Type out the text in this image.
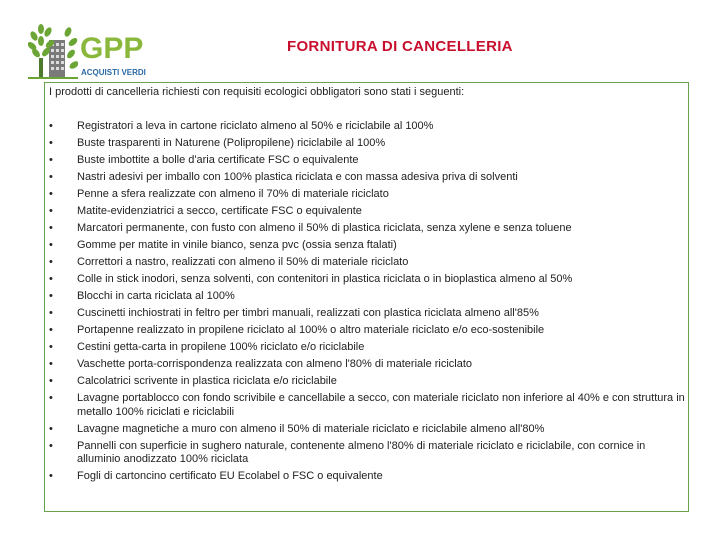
GPP
ACQUISTI VERDI
FORNITURA DI CANCELLERIA
I prodotti di cancelleria richiesti con requisiti ecologici obbligatori sono stati i seguenti:
•	Registratori a leva in cartone riciclato almeno al 50% e riciclabile al 100%
•	Buste trasparenti in Naturene (Polipropilene) riciclabile al 100%
•	Buste imbottite a bolle d'aria certificate FSC o equivalente
•	Nastri adesivi per imballo con 100% plastica riciclata e con massa adesiva priva di solventi
•	Penne a sfera realizzate con almeno il 70% di materiale riciclato
•	Matite-evidenziatrici a secco, certificate FSC o equivalente
•	Marcatori permanente, con fusto con almeno il 50% di plastica riciclata, senza xylene e senza toluene
•	Gomme per matite in vinile bianco, senza pvc (ossia senza ftalati)
•	Correttori a nastro, realizzati con almeno il 50% di materiale riciclato
•	Colle in stick inodori, senza solventi, con contenitori in plastica riciclata o in bioplastica almeno al 50%
•	Blocchi in carta riciclata al 100%
•	Cuscinetti inchiostrati in feltro per timbri manuali, realizzati con plastica riciclata almeno all'85%
•	Portapenne realizzato in propilene riciclato al 100% o altro materiale riciclato e/o eco-sostenibile
•	Cestini getta-carta in propilene 100% riciclato e/o riciclabile
•	Vaschette porta-corrispondenza realizzata con almeno l'80% di materiale riciclato
•	Calcolatrici scrivente in plastica riciclata e/o riciclabile
•	Lavagne portablocco con fondo scrivibile e cancellabile a secco, con materiale riciclato non inferiore al 40% e con struttura in metallo 100% riciclati e riciclabili
•	Lavagne magnetiche a muro con almeno il 50% di materiale riciclato e riciclabile almeno all'80%
•	Pannelli con superficie in sughero naturale, contenente almeno l'80% di materiale riciclato e riciclabile, con cornice in alluminio anodizzato 100% riciclata
•	Fogli di cartoncino certificato EU Ecolabel o FSC o equivalente
